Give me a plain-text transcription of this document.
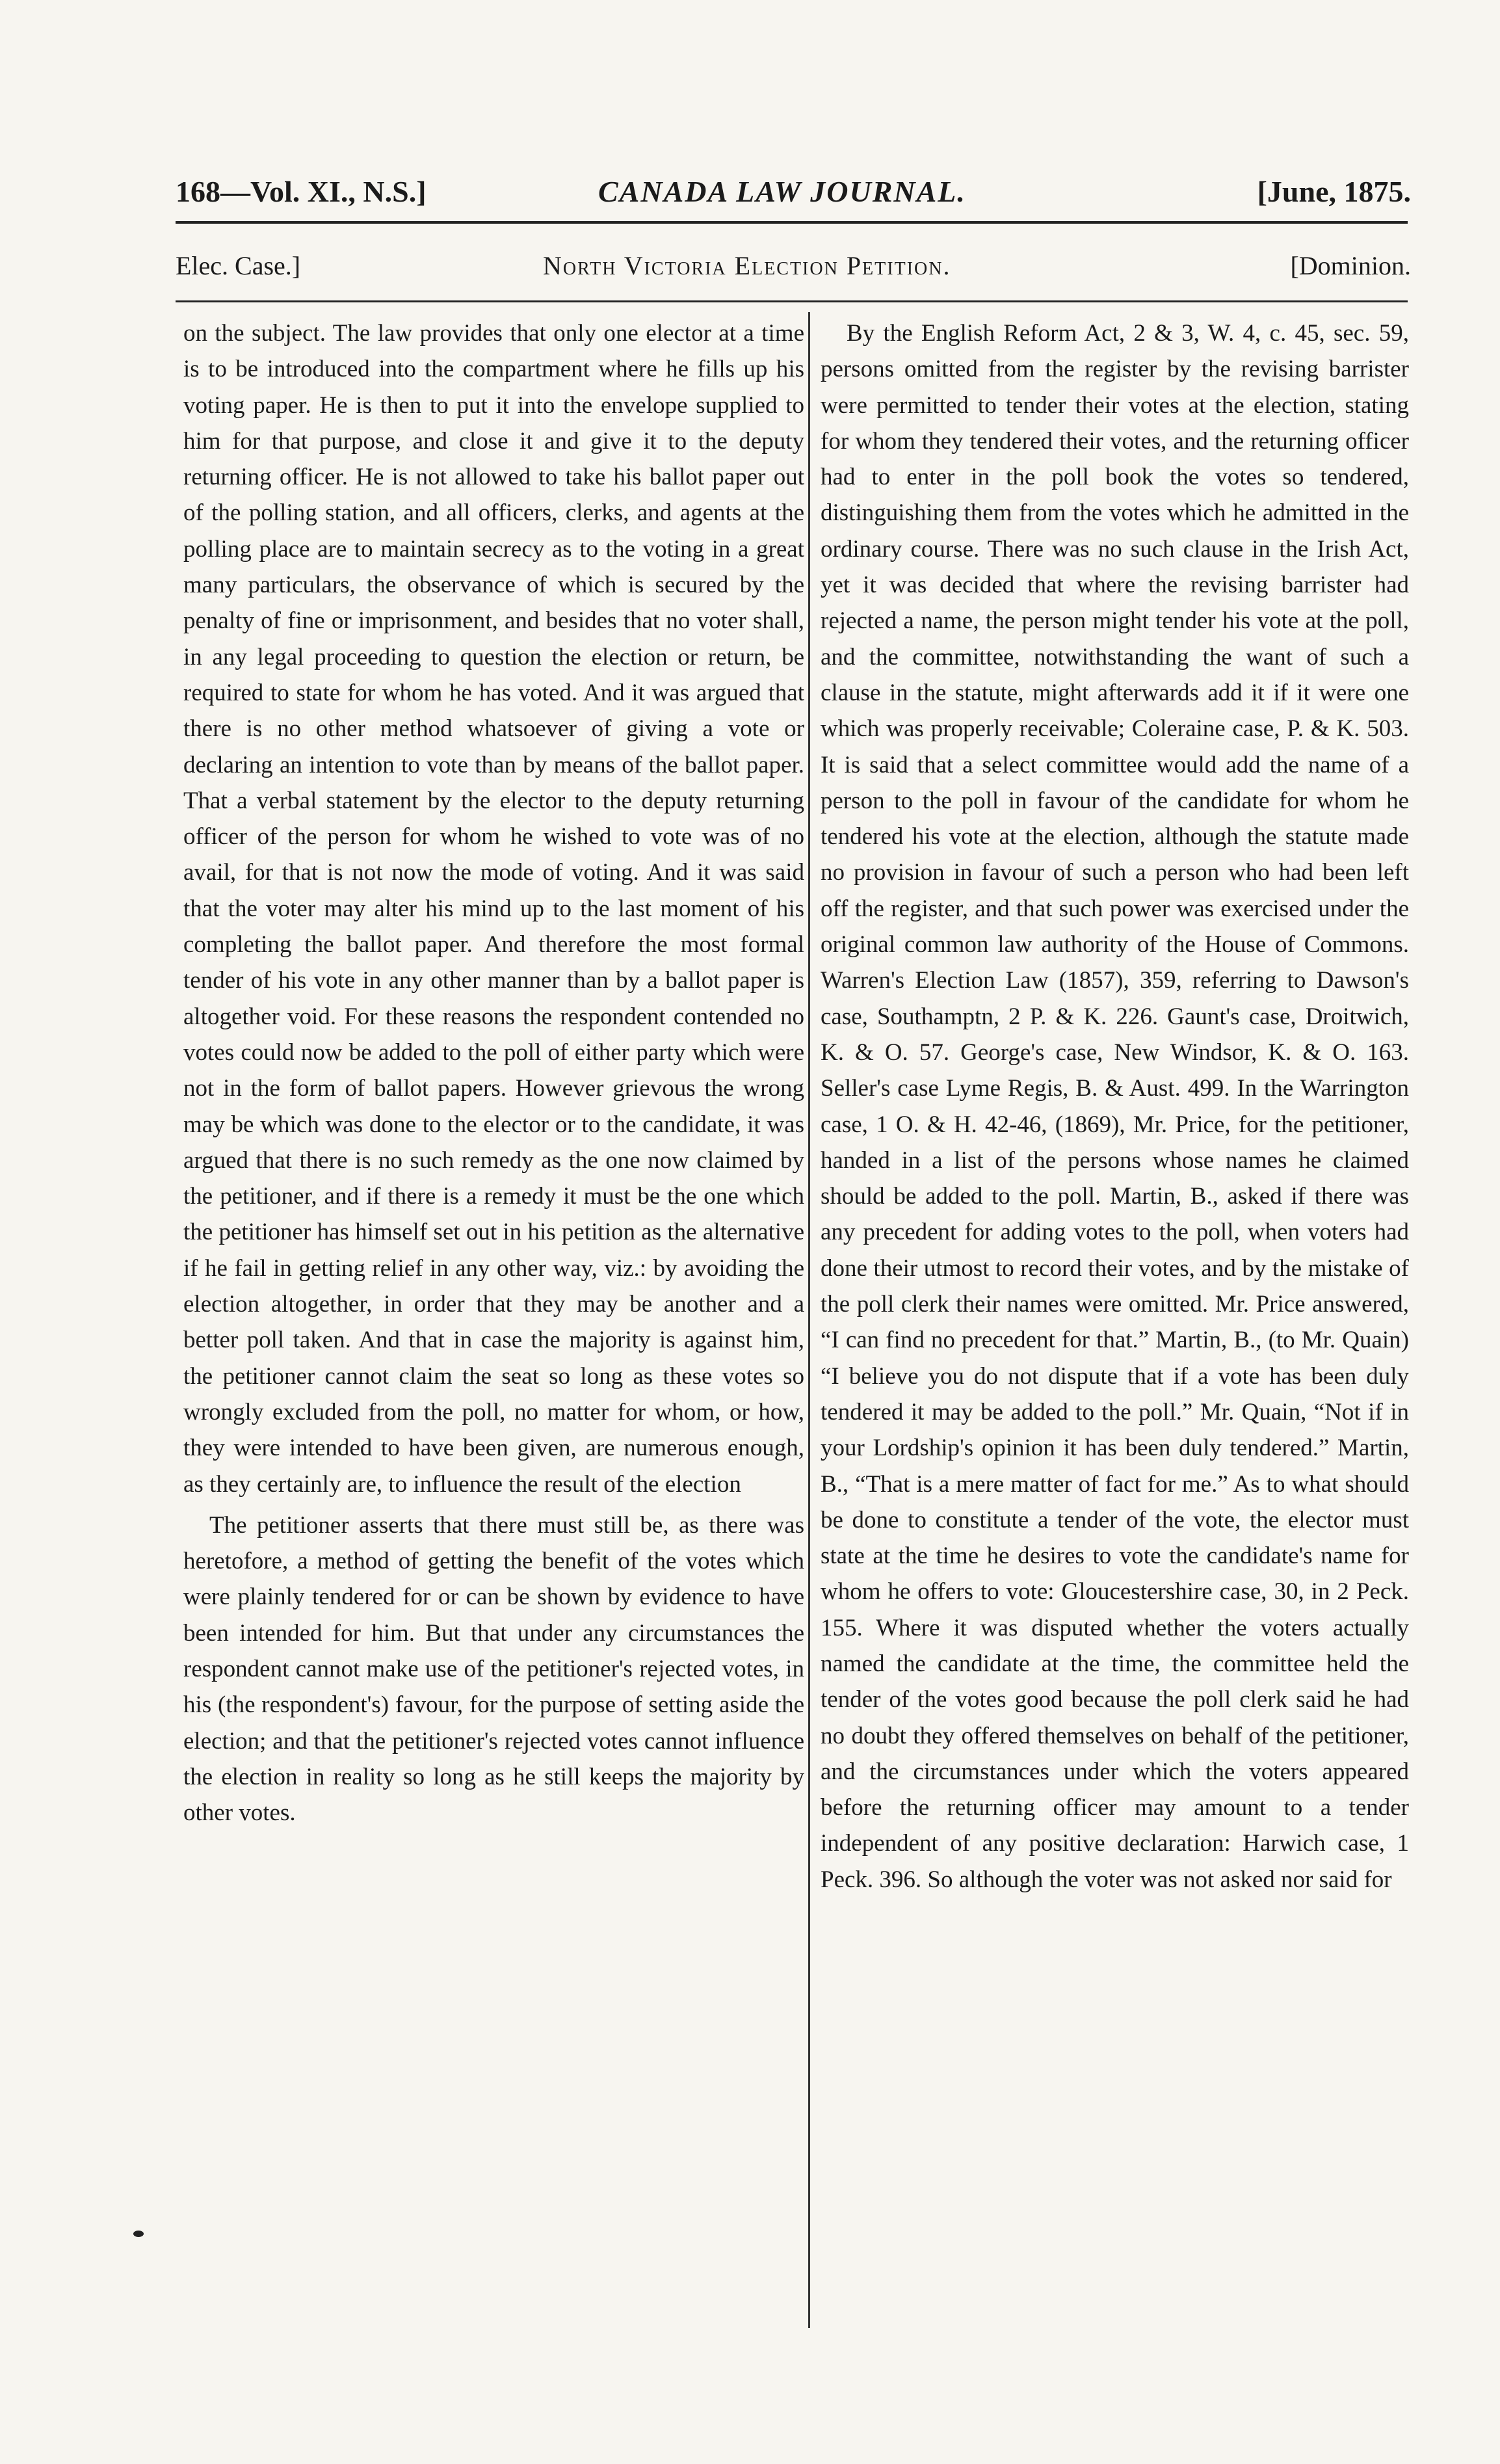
168—Vol. XI., N.S.]	CANADA LAW JOURNAL.	[June, 1875.
Elec. Case.]	North Victoria Election Petition.	[Dominion.

on the subject. The law provides that only one elector at a time is to be introduced into the compartment where he fills up his voting paper. He is then to put it into the envelope supplied to him for that purpose, and close it and give it to the deputy returning officer. He is not allowed to take his ballot paper out of the polling station, and all officers, clerks, and agents at the polling place are to maintain secrecy as to the voting in a great many particulars, the observance of which is secured by the penalty of fine or imprisonment, and besides that no voter shall, in any legal proceeding to question the election or return, be required to state for whom he has voted. And it was argued that there is no other method whatsoever of giving a vote or declaring an intention to vote than by means of the ballot paper. That a verbal statement by the elector to the deputy returning officer of the person for whom he wished to vote was of no avail, for that is not now the mode of voting. And it was said that the voter may alter his mind up to the last moment of his completing the ballot paper. And therefore the most formal tender of his vote in any other manner than by a ballot paper is altogether void. For these reasons the respondent contended no votes could now be added to the poll of either party which were not in the form of ballot papers. However grievous the wrong may be which was done to the elector or to the candidate, it was argued that there is no such remedy as the one now claimed by the petitioner, and if there is a remedy it must be the one which the petitioner has himself set out in his petition as the alternative if he fail in getting relief in any other way, viz.: by avoiding the election altogether, in order that they may be another and a better poll taken. And that in case the majority is against him, the petitioner cannot claim the seat so long as these votes so wrongly excluded from the poll, no matter for whom, or how, they were intended to have been given, are numerous enough, as they certainly are, to influence the result of the election

The petitioner asserts that there must still be, as there was heretofore, a method of getting the benefit of the votes which were plainly tendered for or can be shown by evidence to have been intended for him. But that under any circumstances the respondent cannot make use of the petitioner's rejected votes, in his (the respondent's) favour, for the purpose of setting aside the election; and that the petitioner's rejected votes cannot influence the election in reality so long as he still keeps the majority by other votes.

By the English Reform Act, 2 & 3, W. 4, c. 45, sec. 59, persons omitted from the register by the revising barrister were permitted to tender their votes at the election, stating for whom they tendered their votes, and the returning officer had to enter in the poll book the votes so tendered, distinguishing them from the votes which he admitted in the ordinary course. There was no such clause in the Irish Act, yet it was decided that where the revising barrister had rejected a name, the person might tender his vote at the poll, and the committee, notwithstanding the want of such a clause in the statute, might afterwards add it if it were one which was properly receivable; Coleraine case, P. & K. 503. It is said that a select committee would add the name of a person to the poll in favour of the candidate for whom he tendered his vote at the election, although the statute made no provision in favour of such a person who had been left off the register, and that such power was exercised under the original common law authority of the House of Commons. Warren's Election Law (1857), 359, referring to Dawson's case, Southamptn, 2 P. & K. 226. Gaunt's case, Droitwich, K. & O. 57. George's case, New Windsor, K. & O. 163. Seller's case Lyme Regis, B. & Aust. 499. In the Warrington case, 1 O. & H. 42-46, (1869), Mr. Price, for the petitioner, handed in a list of the persons whose names he claimed should be added to the poll. Martin, B., asked if there was any precedent for adding votes to the poll, when voters had done their utmost to record their votes, and by the mistake of the poll clerk their names were omitted. Mr. Price answered, “I can find no precedent for that.” Martin, B., (to Mr. Quain) “I believe you do not dispute that if a vote has been duly tendered it may be added to the poll.” Mr. Quain, “Not if in your Lordship's opinion it has been duly tendered.” Martin, B., “That is a mere matter of fact for me.” As to what should be done to constitute a tender of the vote, the elector must state at the time he desires to vote the candidate's name for whom he offers to vote: Gloucestershire case, 30, in 2 Peck. 155. Where it was disputed whether the voters actually named the candidate at the time, the committee held the tender of the votes good because the poll clerk said he had no doubt they offered themselves on behalf of the petitioner, and the circumstances under which the voters appeared before the returning officer may amount to a tender independent of any positive declaration: Harwich case, 1 Peck. 396. So although the voter was not asked nor said for
